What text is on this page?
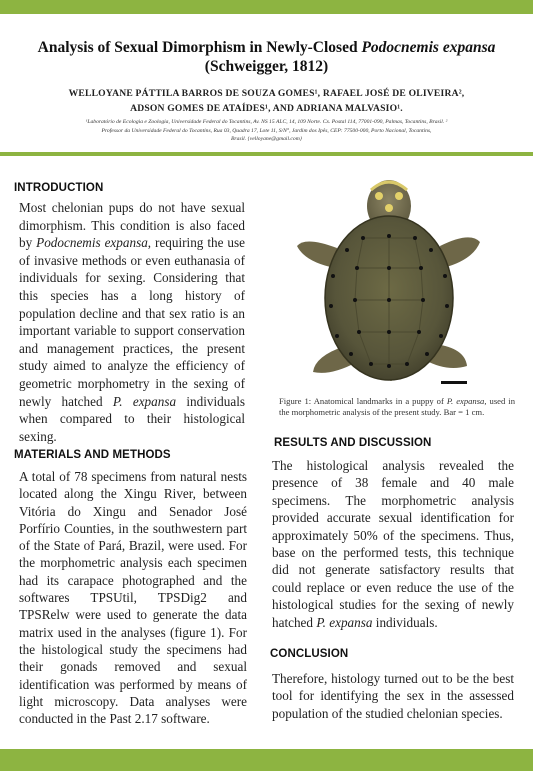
Analysis of Sexual Dimorphism in Newly-Closed Podocnemis expansa (Schweigger, 1812)
WELLOYANE PÁTTILA BARROS DE SOUZA GOMES¹, RAFAEL JOSÉ DE OLIVEIRA²,
ADSON GOMES DE ATAÍDES¹, AND ADRIANA MALVASIO¹.
¹Laboratório de Ecologia e Zoologia, Universidade Federal do Tocantins, Av. NS 15 ALC, 14, 109 Norte. Cx. Postal 114, 77001-090, Palmas, Tocantins, Brasil. ²
Professor da Universidade Federal do Tocantins, Rua 03, Quadra 17, Lote 11, S/N°, Jardim dos Ipês, CEP: 77500-000, Porto Nacional, Tocantins,
Brasil. {velloyane@gmail.com}
INTRODUCTION
Most chelonian pups do not have sexual dimorphism. This condition is also faced by Podocnemis expansa, requiring the use of invasive methods or even euthanasia of individuals for sexing. Considering that this species has a long history of population decline and that sex ratio is an important variable to support conservation and management practices, the present study aimed to analyze the efficiency of geometric morphometry in the sexing of newly hatched P. expansa individuals when compared to their histological sexing.
MATERIALS AND METHODS
A total of 78 specimens from natural nests located along the Xingu River, between Vitória do Xingu and Senador José Porfírio Counties, in the southwestern part of the State of Pará, Brazil, were used. For the morphometric analysis each specimen had its carapace photographed and the softwares TPSUtil, TPSDig2 and TPSRelw were used to generate the data matrix used in the analyses (figure 1). For the histological study the specimens had their gonads removed and sexual identification was performed by means of light microscopy. Data analyses were conducted in the Past 2.17 software.
Figure 1: Anatomical landmarks in a puppy of P. expansa, used in the morphometric analysis of the present study. Bar = 1 cm.
RESULTS AND DISCUSSION
The histological analysis revealed the presence of 38 female and 40 male specimens. The morphometric analysis provided accurate sexual identification for approximately 50% of the specimens. Thus, base on the performed tests, this technique did not generate satisfactory results that could replace or even reduce the use of the histological studies for the sexing of newly hatched P. expansa individuals.
CONCLUSION
Therefore, histology turned out to be the best tool for identifying the sex in the assessed population of the studied chelonian species.
